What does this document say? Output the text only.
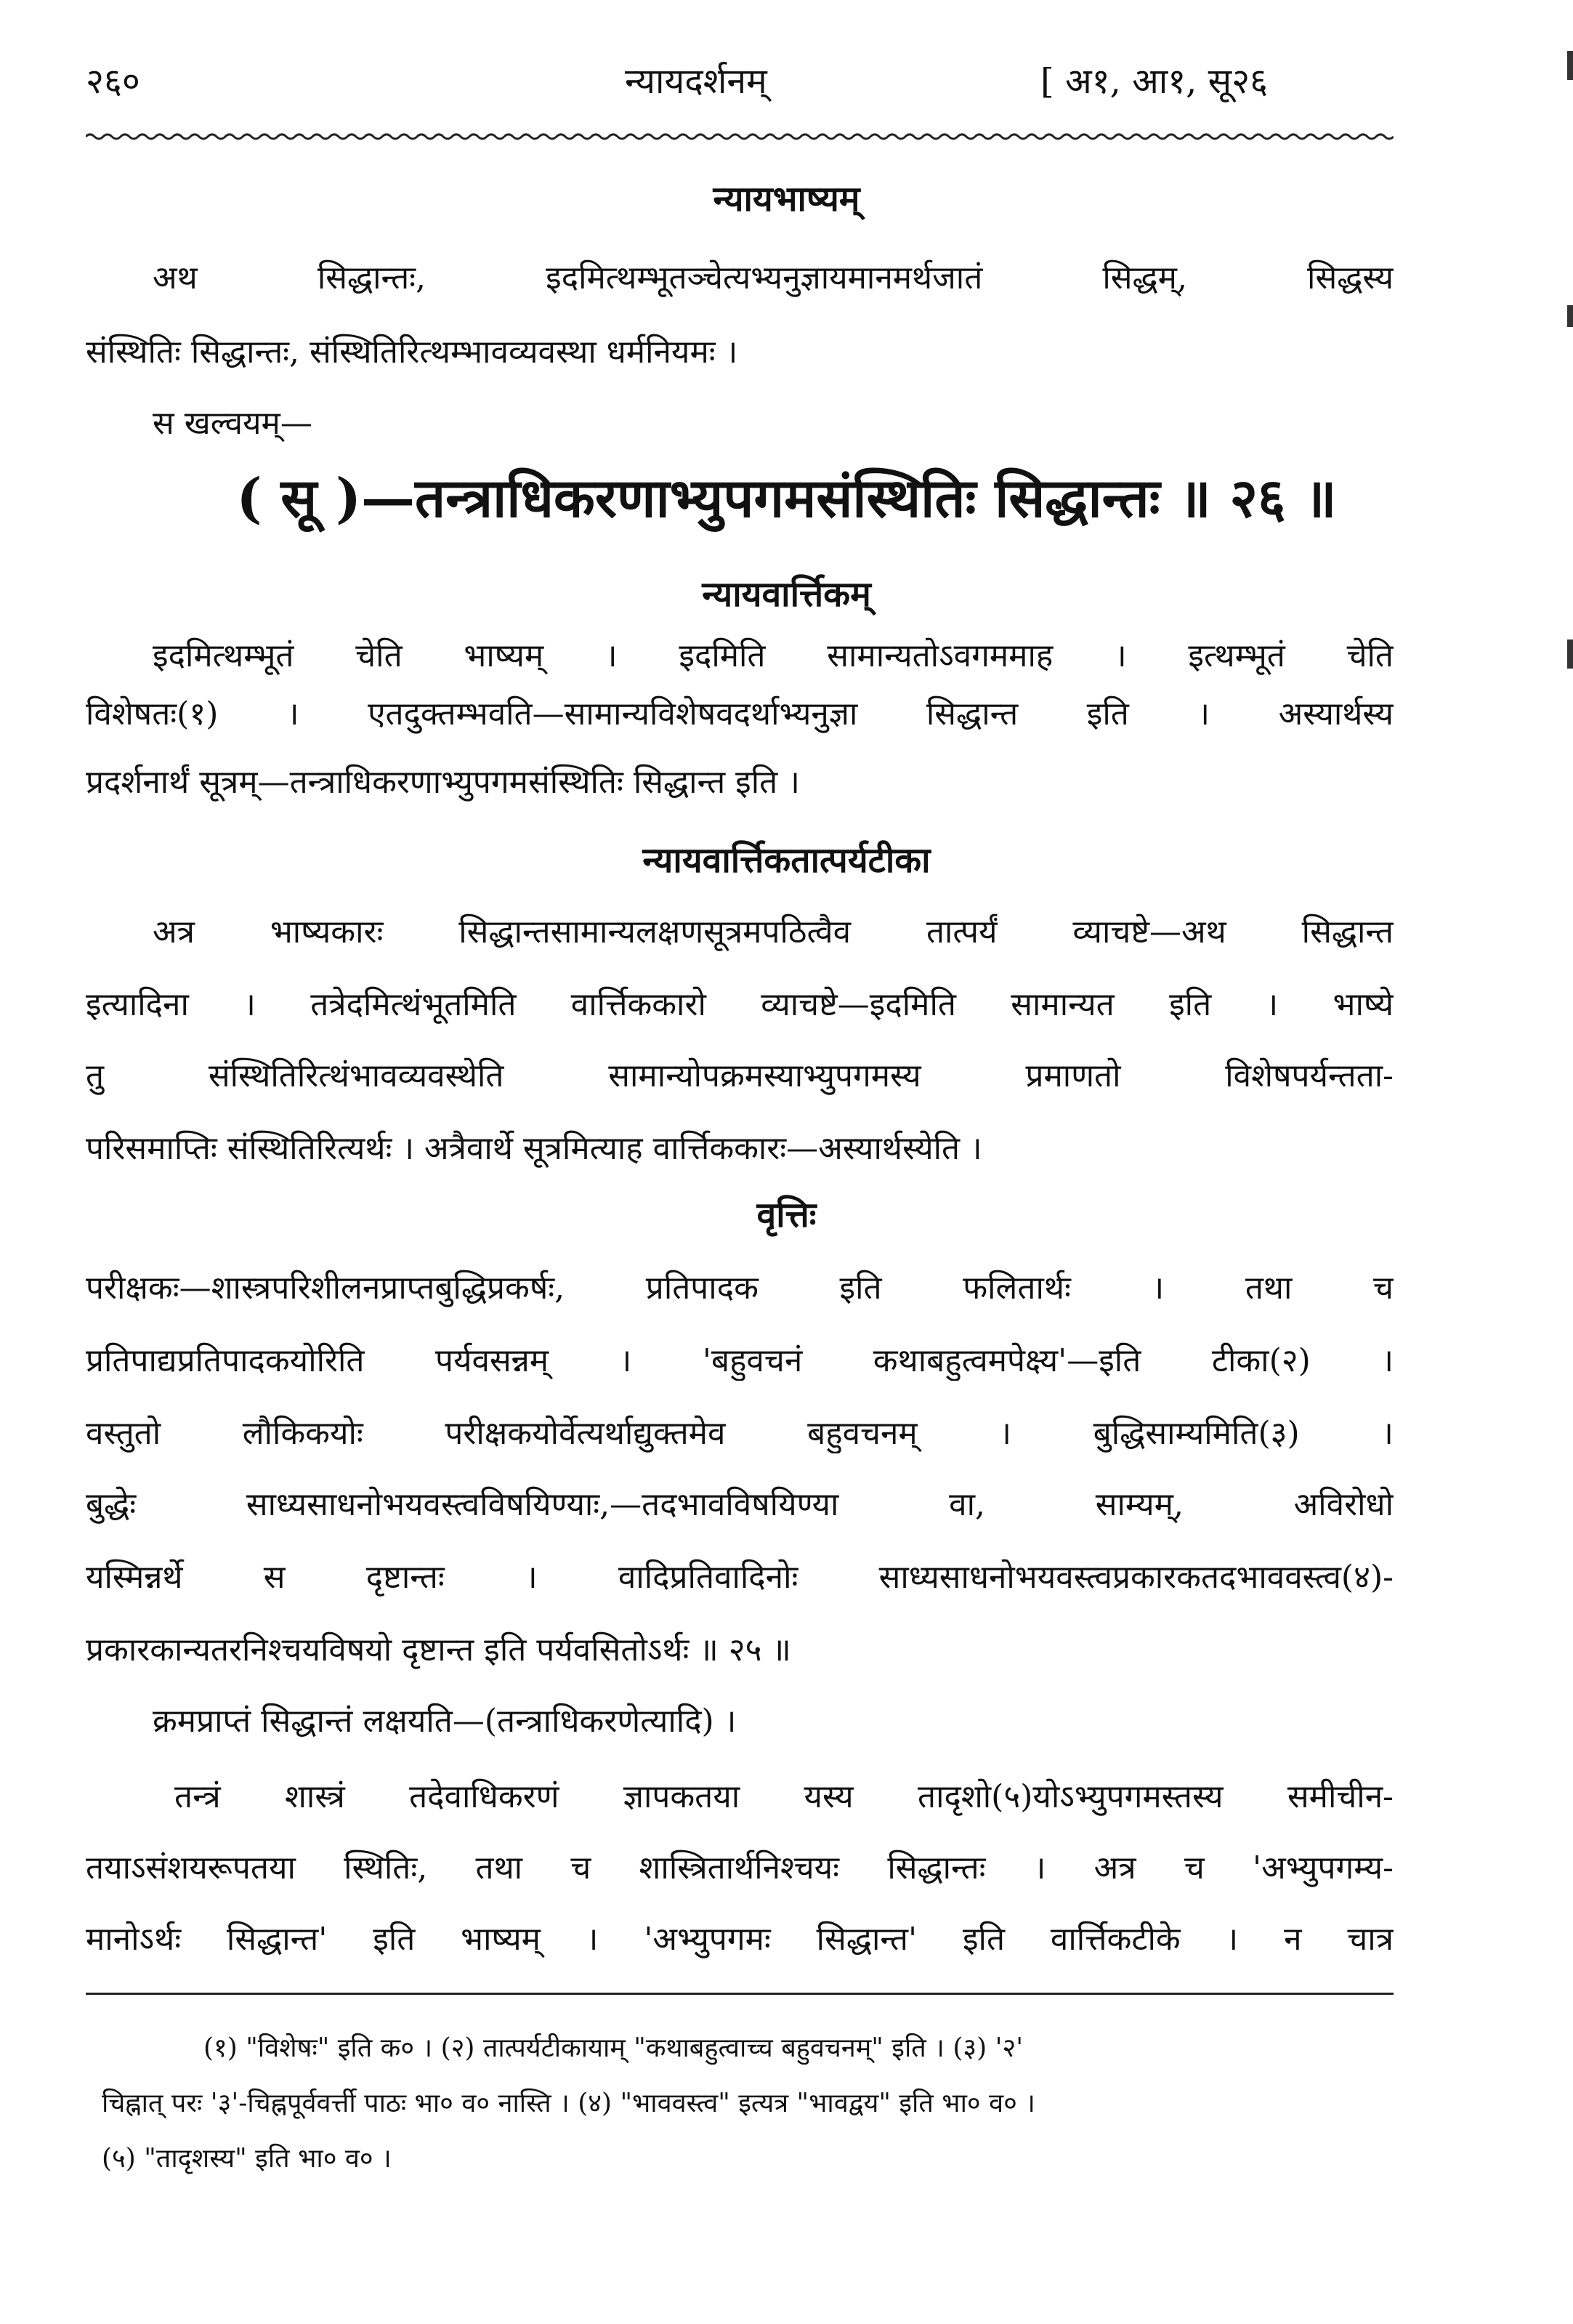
२६०	न्यायदर्शनम्	[ अ१, आ१, सू२६
न्यायभाष्यम्
अथ सिद्धान्तः, इदमित्थम्भूतञ्चेत्यभ्यनुज्ञायमानमर्थजातं सिद्धम्, सिद्धस्य
संस्थितिः सिद्धान्तः, संस्थितिरित्थम्भावव्यवस्था धर्मनियमः ।
स खल्वयम्—
( सू )—तन्त्राधिकरणाभ्युपगमसंस्थितिः सिद्धान्तः ॥ २६ ॥
न्यायवार्त्तिकम्
इदमित्थम्भूतं चेति भाष्यम् । इदमिति सामान्यतोऽवगममाह । इत्थम्भूतं चेति
विशेषतः(१) । एतदुक्तम्भवति—सामान्यविशेषवदर्थाभ्यनुज्ञा सिद्धान्त इति । अस्यार्थस्य
प्रदर्शनार्थं सूत्रम्—तन्त्राधिकरणाभ्युपगमसंस्थितिः सिद्धान्त इति ।
न्यायवार्त्तिकतात्पर्यटीका
अत्र भाष्यकारः सिद्धान्तसामान्यलक्षणसूत्रमपठित्वैव तात्पर्यं व्याचष्टे—अथ सिद्धान्त
इत्यादिना । तत्रेदमित्थंभूतमिति वार्त्तिककारो व्याचष्टे—इदमिति सामान्यत इति । भाष्ये
तु संस्थितिरित्थंभावव्यवस्थेति सामान्योपक्रमस्याभ्युपगमस्य प्रमाणतो विशेषपर्यन्तता-
परिसमाप्तिः संस्थितिरित्यर्थः । अत्रैवार्थे सूत्रमित्याह वार्त्तिककारः—अस्यार्थस्येति ।
वृत्तिः
परीक्षकः—शास्त्रपरिशीलनप्राप्तबुद्धिप्रकर्षः, प्रतिपादक इति फलितार्थः । तथा च
प्रतिपाद्यप्रतिपादकयोरिति पर्यवसन्नम् । 'बहुवचनं कथाबहुत्वमपेक्ष्य'—इति टीका(२) ।
वस्तुतो लौकिकयोः परीक्षकयोर्वेत्यर्थाद्युक्तमेव बहुवचनम् । बुद्धिसाम्यमिति(३) ।
बुद्धेः साध्यसाधनोभयवस्त्वविषयिण्याः,—तदभावविषयिण्या वा, साम्यम्, अविरोधो
यस्मिन्नर्थे स दृष्टान्तः । वादिप्रतिवादिनोः साध्यसाधनोभयवस्त्वप्रकारकतदभाववस्त्व(४)-
प्रकारकान्यतरनिश्चयविषयो दृष्टान्त इति पर्यवसितोऽर्थः ॥ २५ ॥
क्रमप्राप्तं सिद्धान्तं लक्षयति—(तन्त्राधिकरणेत्यादि) ।
तन्त्रं शास्त्रं तदेवाधिकरणं ज्ञापकतया यस्य तादृशो(५)योऽभ्युपगमस्तस्य समीचीन-
तयाऽसंशयरूपतया स्थितिः, तथा च शास्त्रितार्थनिश्चयः सिद्धान्तः । अत्र च 'अभ्युपगम्य-
मानोऽर्थः सिद्धान्त' इति भाष्यम् । 'अभ्युपगमः सिद्धान्त' इति वार्त्तिकटीके । न चात्र
(१) "विशेषः" इति क० । (२) तात्पर्यटीकायाम् "कथाबहुत्वाच्च बहुवचनम्" इति । (३) '२'
चिह्नात् परः '३'-चिह्नपूर्ववर्त्ती पाठः भा० व० नास्ति । (४) "भाववस्त्व" इत्यत्र "भावद्वय" इति भा० व० ।
(५) "तादृशस्य" इति भा० व० ।
